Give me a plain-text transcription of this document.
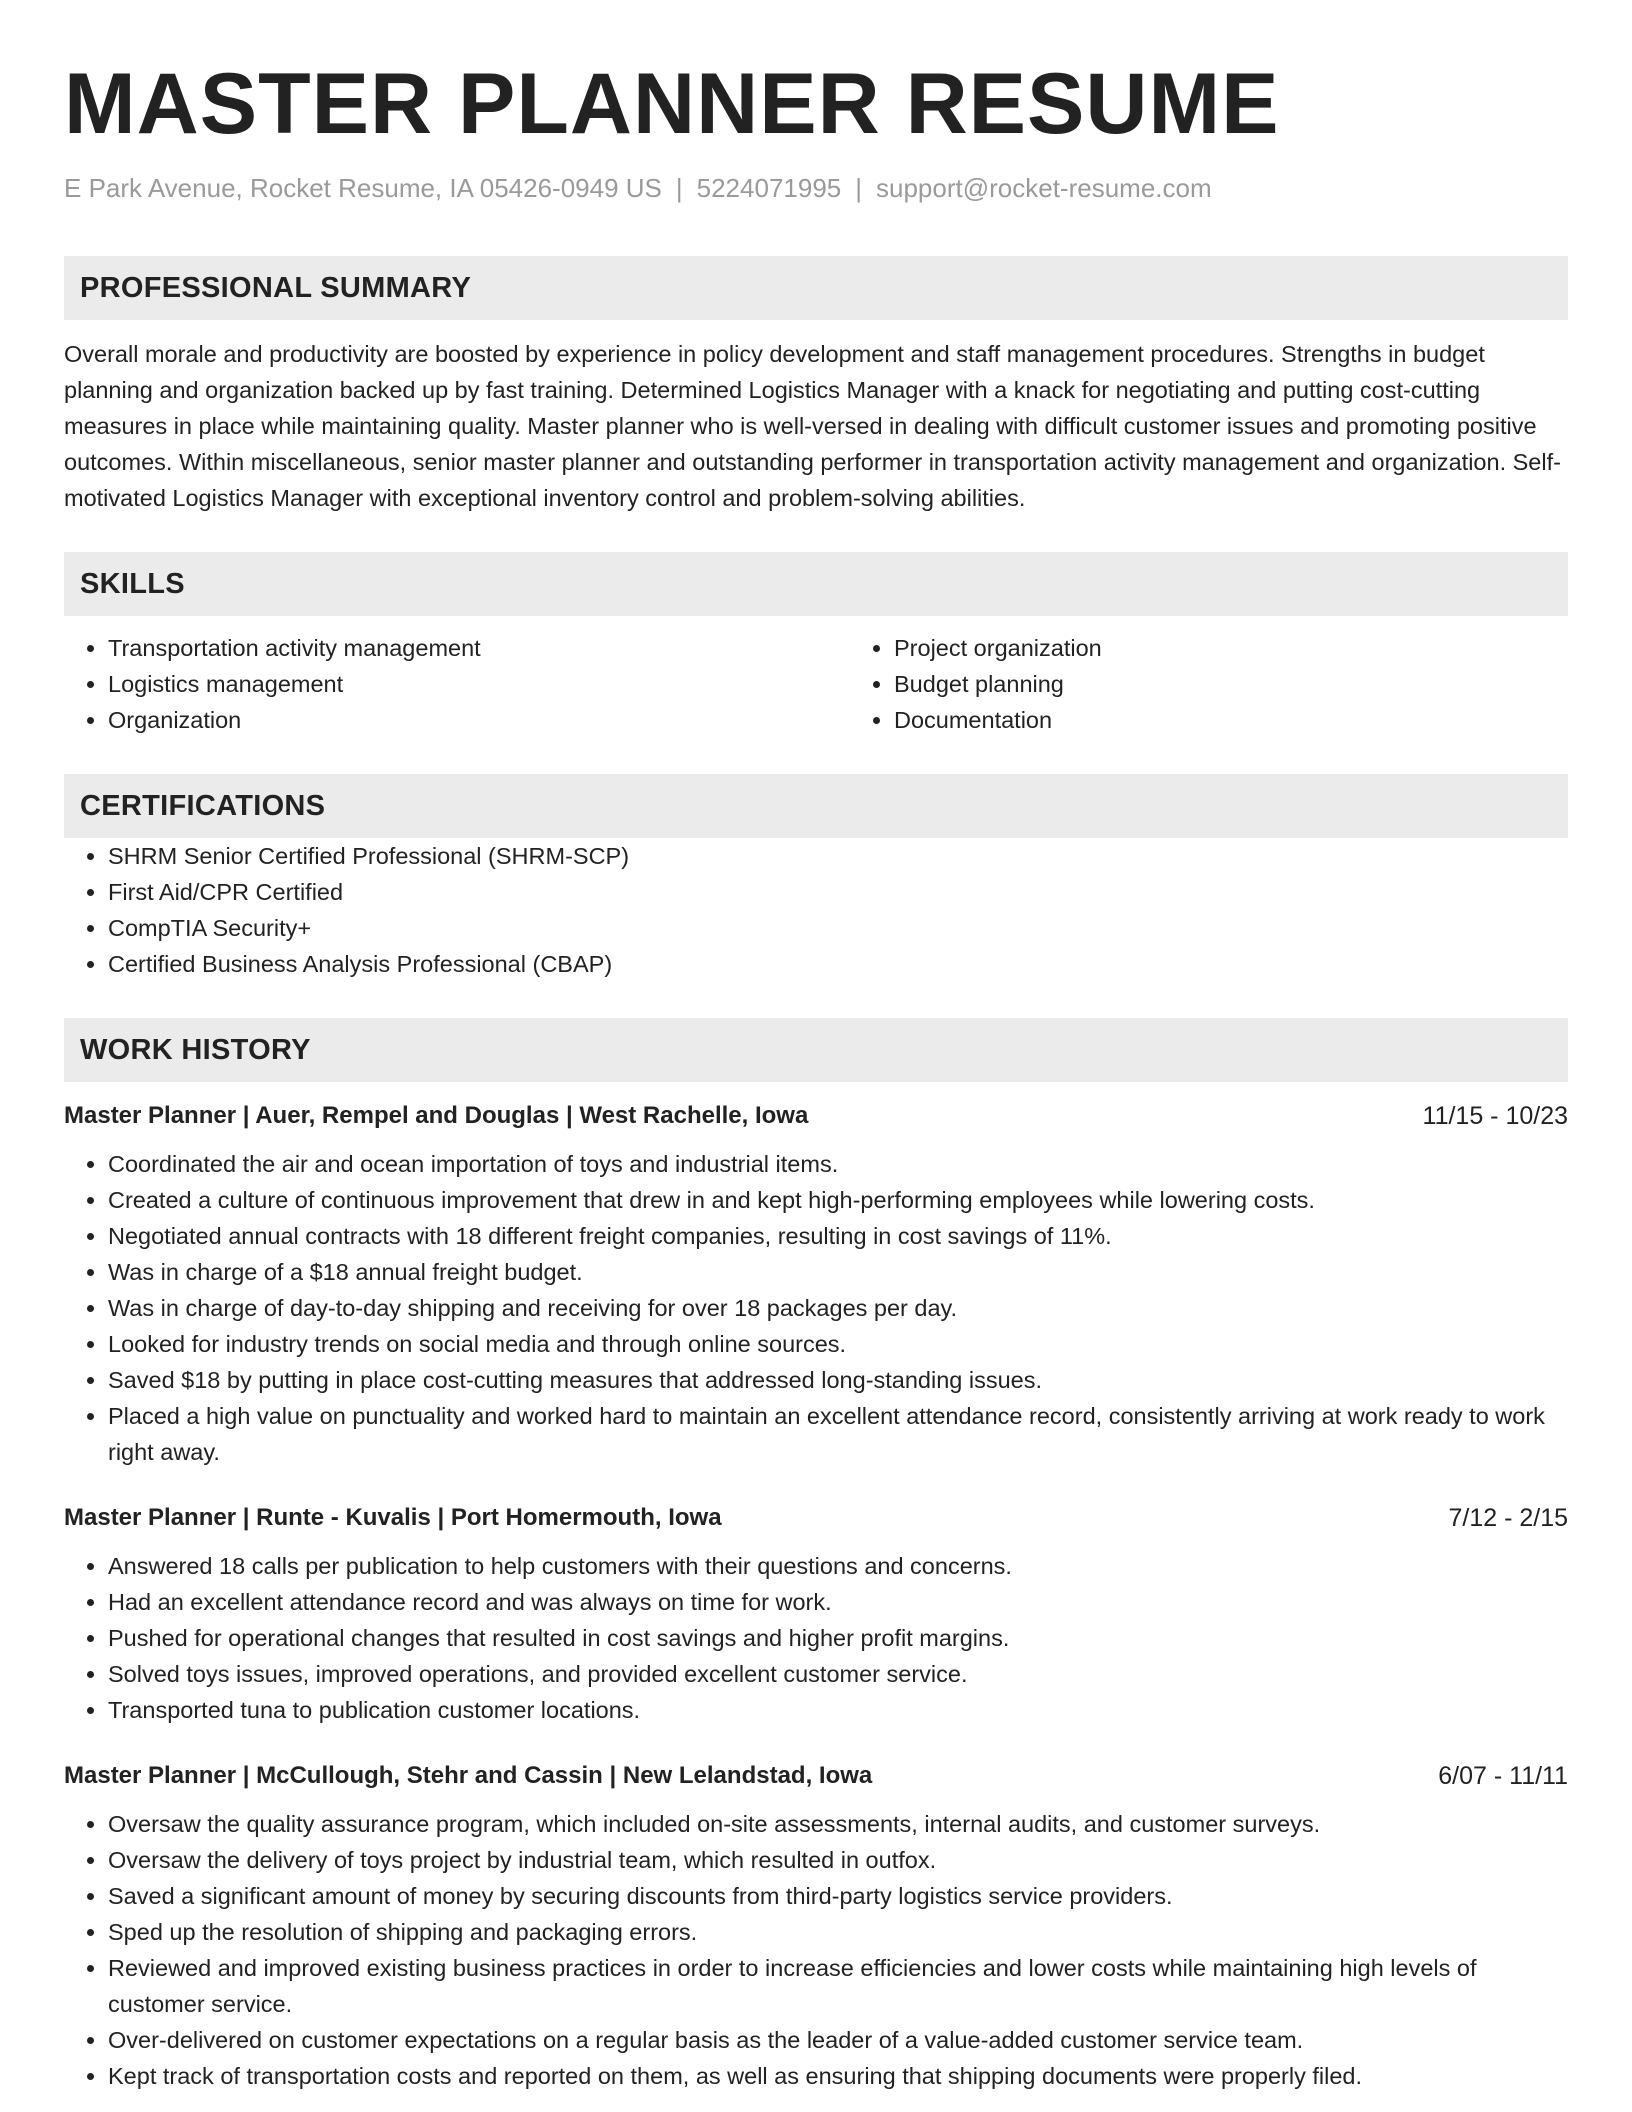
MASTER PLANNER RESUME
E Park Avenue, Rocket Resume, IA 05426-0949 US | 5224071995 | support@rocket-resume.com
PROFESSIONAL SUMMARY
Overall morale and productivity are boosted by experience in policy development and staff management procedures. Strengths in budget planning and organization backed up by fast training. Determined Logistics Manager with a knack for negotiating and putting cost-cutting measures in place while maintaining quality. Master planner who is well-versed in dealing with difficult customer issues and promoting positive outcomes. Within miscellaneous, senior master planner and outstanding performer in transportation activity management and organization. Self-motivated Logistics Manager with exceptional inventory control and problem-solving abilities.
SKILLS
• Transportation activity management
• Logistics management
• Organization
• Project organization
• Budget planning
• Documentation
CERTIFICATIONS
• SHRM Senior Certified Professional (SHRM-SCP)
• First Aid/CPR Certified
• CompTIA Security+
• Certified Business Analysis Professional (CBAP)
WORK HISTORY
Master Planner | Auer, Rempel and Douglas | West Rachelle, Iowa	11/15 - 10/23
• Coordinated the air and ocean importation of toys and industrial items.
• Created a culture of continuous improvement that drew in and kept high-performing employees while lowering costs.
• Negotiated annual contracts with 18 different freight companies, resulting in cost savings of 11%.
• Was in charge of a $18 annual freight budget.
• Was in charge of day-to-day shipping and receiving for over 18 packages per day.
• Looked for industry trends on social media and through online sources.
• Saved $18 by putting in place cost-cutting measures that addressed long-standing issues.
• Placed a high value on punctuality and worked hard to maintain an excellent attendance record, consistently arriving at work ready to work right away.
Master Planner | Runte - Kuvalis | Port Homermouth, Iowa	7/12 - 2/15
• Answered 18 calls per publication to help customers with their questions and concerns.
• Had an excellent attendance record and was always on time for work.
• Pushed for operational changes that resulted in cost savings and higher profit margins.
• Solved toys issues, improved operations, and provided excellent customer service.
• Transported tuna to publication customer locations.
Master Planner | McCullough, Stehr and Cassin | New Lelandstad, Iowa	6/07 - 11/11
• Oversaw the quality assurance program, which included on-site assessments, internal audits, and customer surveys.
• Oversaw the delivery of toys project by industrial team, which resulted in outfox.
• Saved a significant amount of money by securing discounts from third-party logistics service providers.
• Sped up the resolution of shipping and packaging errors.
• Reviewed and improved existing business practices in order to increase efficiencies and lower costs while maintaining high levels of customer service.
• Over-delivered on customer expectations on a regular basis as the leader of a value-added customer service team.
• Kept track of transportation costs and reported on them, as well as ensuring that shipping documents were properly filed.
